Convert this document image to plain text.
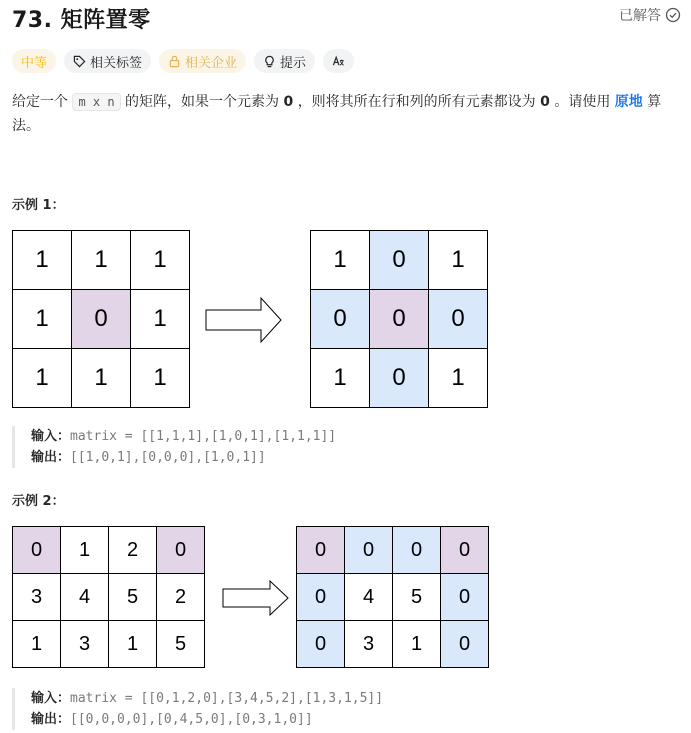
73. 矩阵置零	已解答
中等	相关标签	相关企业	提示
给定一个 m x n 的矩阵，如果一个元素为 0 ，则将其所在行和列的所有元素都设为 0 。请使用 原地 算法。
示例 1：
1	1	1
1	0	1
1	1	1
1	0	1
0	0	0
1	0	1
输入：matrix = [[1,1,1],[1,0,1],[1,1,1]]
输出：[[1,0,1],[0,0,0],[1,0,1]]
示例 2：
0	1	2	0
3	4	5	2
1	3	1	5
0	0	0	0
0	4	5	0
0	3	1	0
输入：matrix = [[0,1,2,0],[3,4,5,2],[1,3,1,5]]
输出：[[0,0,0,0],[0,4,5,0],[0,3,1,0]]
